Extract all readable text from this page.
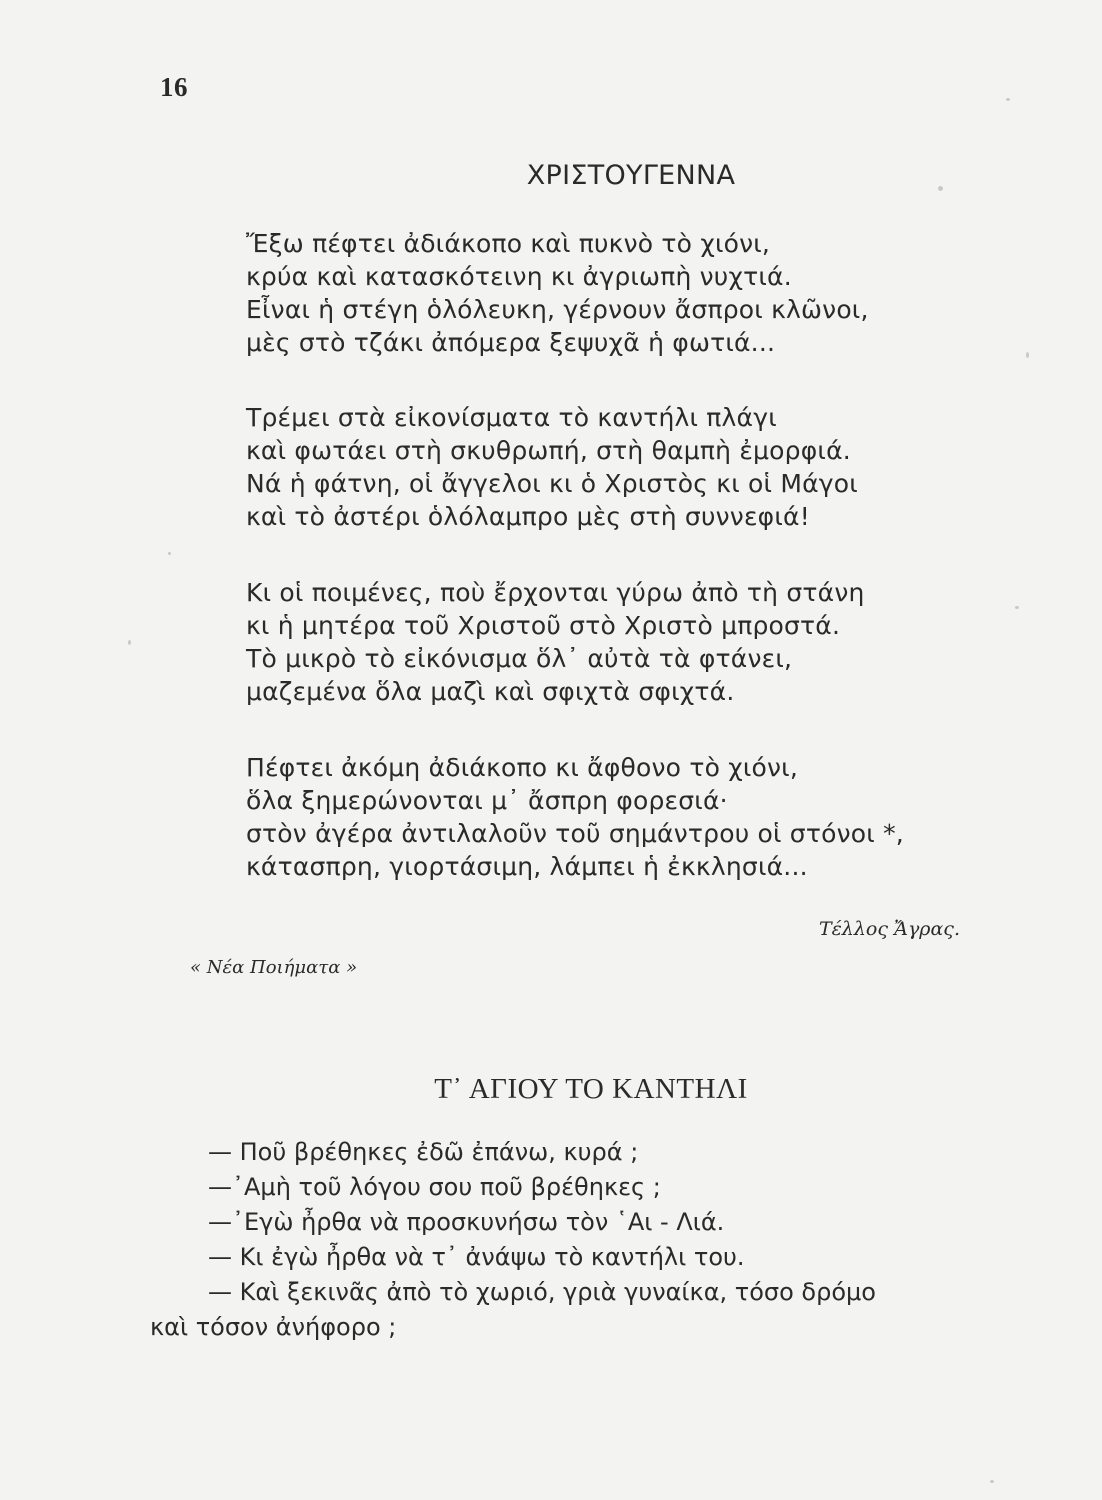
16
ΧΡΙΣΤΟΥΓΕΝΝΑ
Ἔξω πέφτει ἀδιάκοπο καὶ πυκνὸ τὸ χιόνι,
κρύα καὶ κατασκότεινη κι ἀγριωπὴ νυχτιά.
Εἶναι ἡ στέγη ὁλόλευκη, γέρνουν ἄσπροι κλῶνοι,
μὲς στὸ τζάκι ἀπόμερα ξεψυχᾶ ἡ φωτιά...
Τρέμει στὰ εἰκονίσματα τὸ καντήλι πλάγι
καὶ φωτάει στὴ σκυθρωπή, στὴ θαμπὴ ἐμορφιά.
Νά ἡ φάτνη, οἱ ἄγγελοι κι ὁ Χριστὸς κι οἱ Μάγοι
καὶ τὸ ἀστέρι ὁλόλαμπρο μὲς στὴ συννεφιά!
Κι οἱ ποιμένες, ποὺ ἔρχονται γύρω ἀπὸ τὴ στάνη
κι ἡ μητέρα τοῦ Χριστοῦ στὸ Χριστὸ μπροστά.
Τὸ μικρὸ τὸ εἰκόνισμα ὅλ᾽ αὐτὰ τὰ φτάνει,
μαζεμένα ὅλα μαζὶ καὶ σφιχτὰ σφιχτά.
Πέφτει ἀκόμη ἀδιάκοπο κι ἄφθονο τὸ χιόνι,
ὅλα ξημερώνονται μ᾽ ἄσπρη φορεσιά·
στὸν ἀγέρα ἀντιλαλοῦν τοῦ σημάντρου οἱ στόνοι *,
κάτασπρη, γιορτάσιμη, λάμπει ἡ ἐκκλησιά...
Τέλλος Ἄγρας.
« Νέα Ποιήματα »
Τ᾽ ΑΓΙΟΥ ΤΟ ΚΑΝΤΗΛΙ
— Ποῦ βρέθηκες ἐδῶ ἐπάνω, κυρά ;
—᾽Αμὴ τοῦ λόγου σου ποῦ βρέθηκες ;
—᾽Εγὼ ἦρθα νὰ προσκυνήσω τὸν ῾Αι - Λιά.
— Κι ἐγὼ ἦρθα νὰ τ᾽ ἀνάψω τὸ καντήλι του.
— Καὶ ξεκινᾶς ἀπὸ τὸ χωριό, γριὰ γυναίκα, τόσο δρόμο
καὶ τόσον ἀνήφορο ;
